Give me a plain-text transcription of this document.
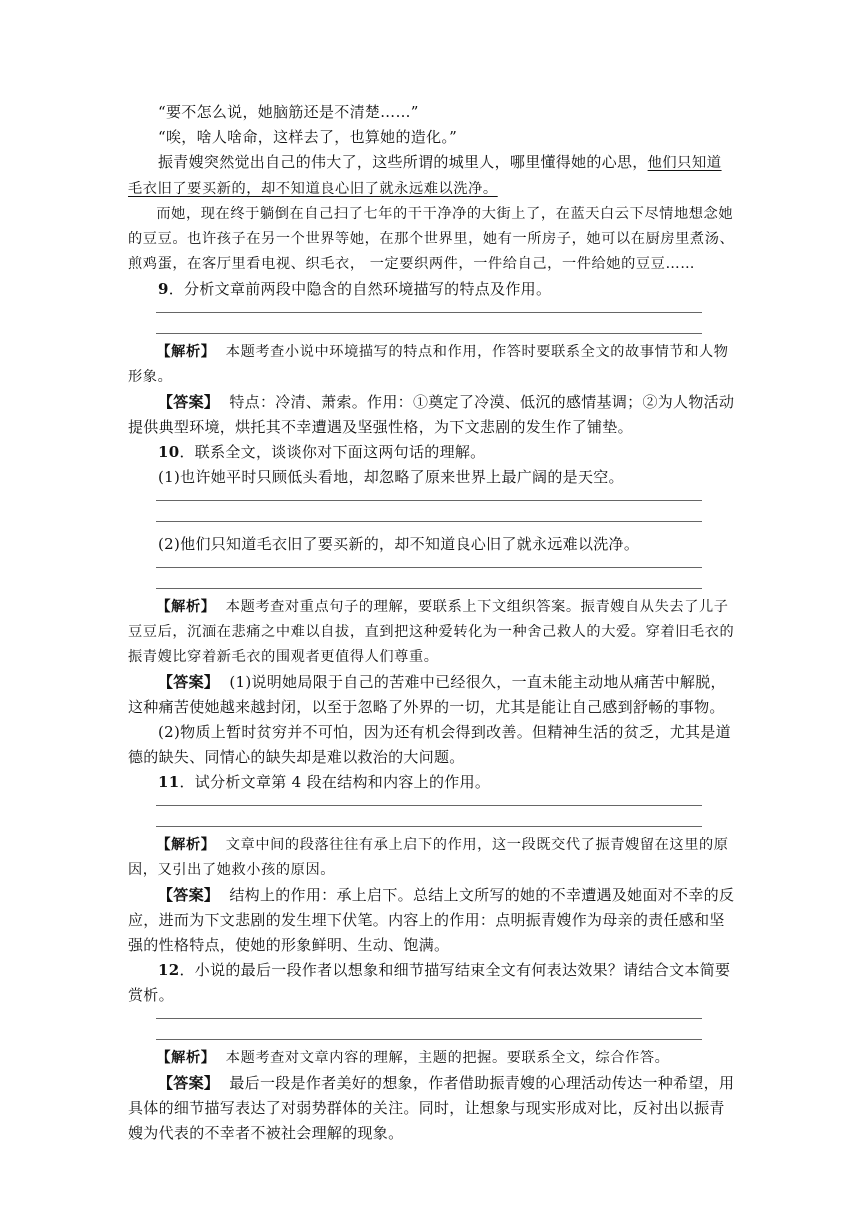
“要不怎么说，她脑筋还是不清楚……”

“唉，啥人啥命，这样去了，也算她的造化。”

振青嫂突然觉出自己的伟大了，这些所谓的城里人，哪里懂得她的心思，他们只知道毛衣旧了要买新的，却不知道良心旧了就永远难以洗净。

而她，现在终于躺倒在自己扫了七年的干干净净的大街上了，在蓝天白云下尽情地想念她的豆豆。也许孩子在另一个世界等她，在那个世界里，她有一所房子，她可以在厨房里煮汤、煎鸡蛋，在客厅里看电视、织毛衣， 一定要织两件，一件给自己，一件给她的豆豆……

9．分析文章前两段中隐含的自然环境描写的特点及作用。

【解析】 本题考查小说中环境描写的特点和作用，作答时要联系全文的故事情节和人物形象。

【答案】 特点：冷清、萧索。作用：①奠定了冷漠、低沉的感情基调；②为人物活动提供典型环境，烘托其不幸遭遇及坚强性格，为下文悲剧的发生作了铺垫。

10．联系全文，谈谈你对下面这两句话的理解。

(1)也许她平时只顾低头看地，却忽略了原来世界上最广阔的是天空。

(2)他们只知道毛衣旧了要买新的，却不知道良心旧了就永远难以洗净。

【解析】 本题考查对重点句子的理解，要联系上下文组织答案。振青嫂自从失去了儿子豆豆后，沉湎在悲痛之中难以自拔，直到把这种爱转化为一种舍己救人的大爱。穿着旧毛衣的振青嫂比穿着新毛衣的围观者更值得人们尊重。

【答案】 (1)说明她局限于自己的苦难中已经很久，一直未能主动地从痛苦中解脱，这种痛苦使她越来越封闭，以至于忽略了外界的一切，尤其是能让自己感到舒畅的事物。

(2)物质上暂时贫穷并不可怕，因为还有机会得到改善。但精神生活的贫乏，尤其是道德的缺失、同情心的缺失却是难以救治的大问题。

11．试分析文章第 4 段在结构和内容上的作用。

【解析】 文章中间的段落往往有承上启下的作用，这一段既交代了振青嫂留在这里的原因，又引出了她救小孩的原因。

【答案】 结构上的作用：承上启下。总结上文所写的她的不幸遭遇及她面对不幸的反应，进而为下文悲剧的发生埋下伏笔。内容上的作用：点明振青嫂作为母亲的责任感和坚强的性格特点，使她的形象鲜明、生动、饱满。

12．小说的最后一段作者以想象和细节描写结束全文有何表达效果？请结合文本简要赏析。

【解析】 本题考查对文章内容的理解，主题的把握。要联系全文，综合作答。

【答案】 最后一段是作者美好的想象，作者借助振青嫂的心理活动传达一种希望，用具体的细节描写表达了对弱势群体的关注。同时，让想象与现实形成对比，反衬出以振青嫂为代表的不幸者不被社会理解的现象。
